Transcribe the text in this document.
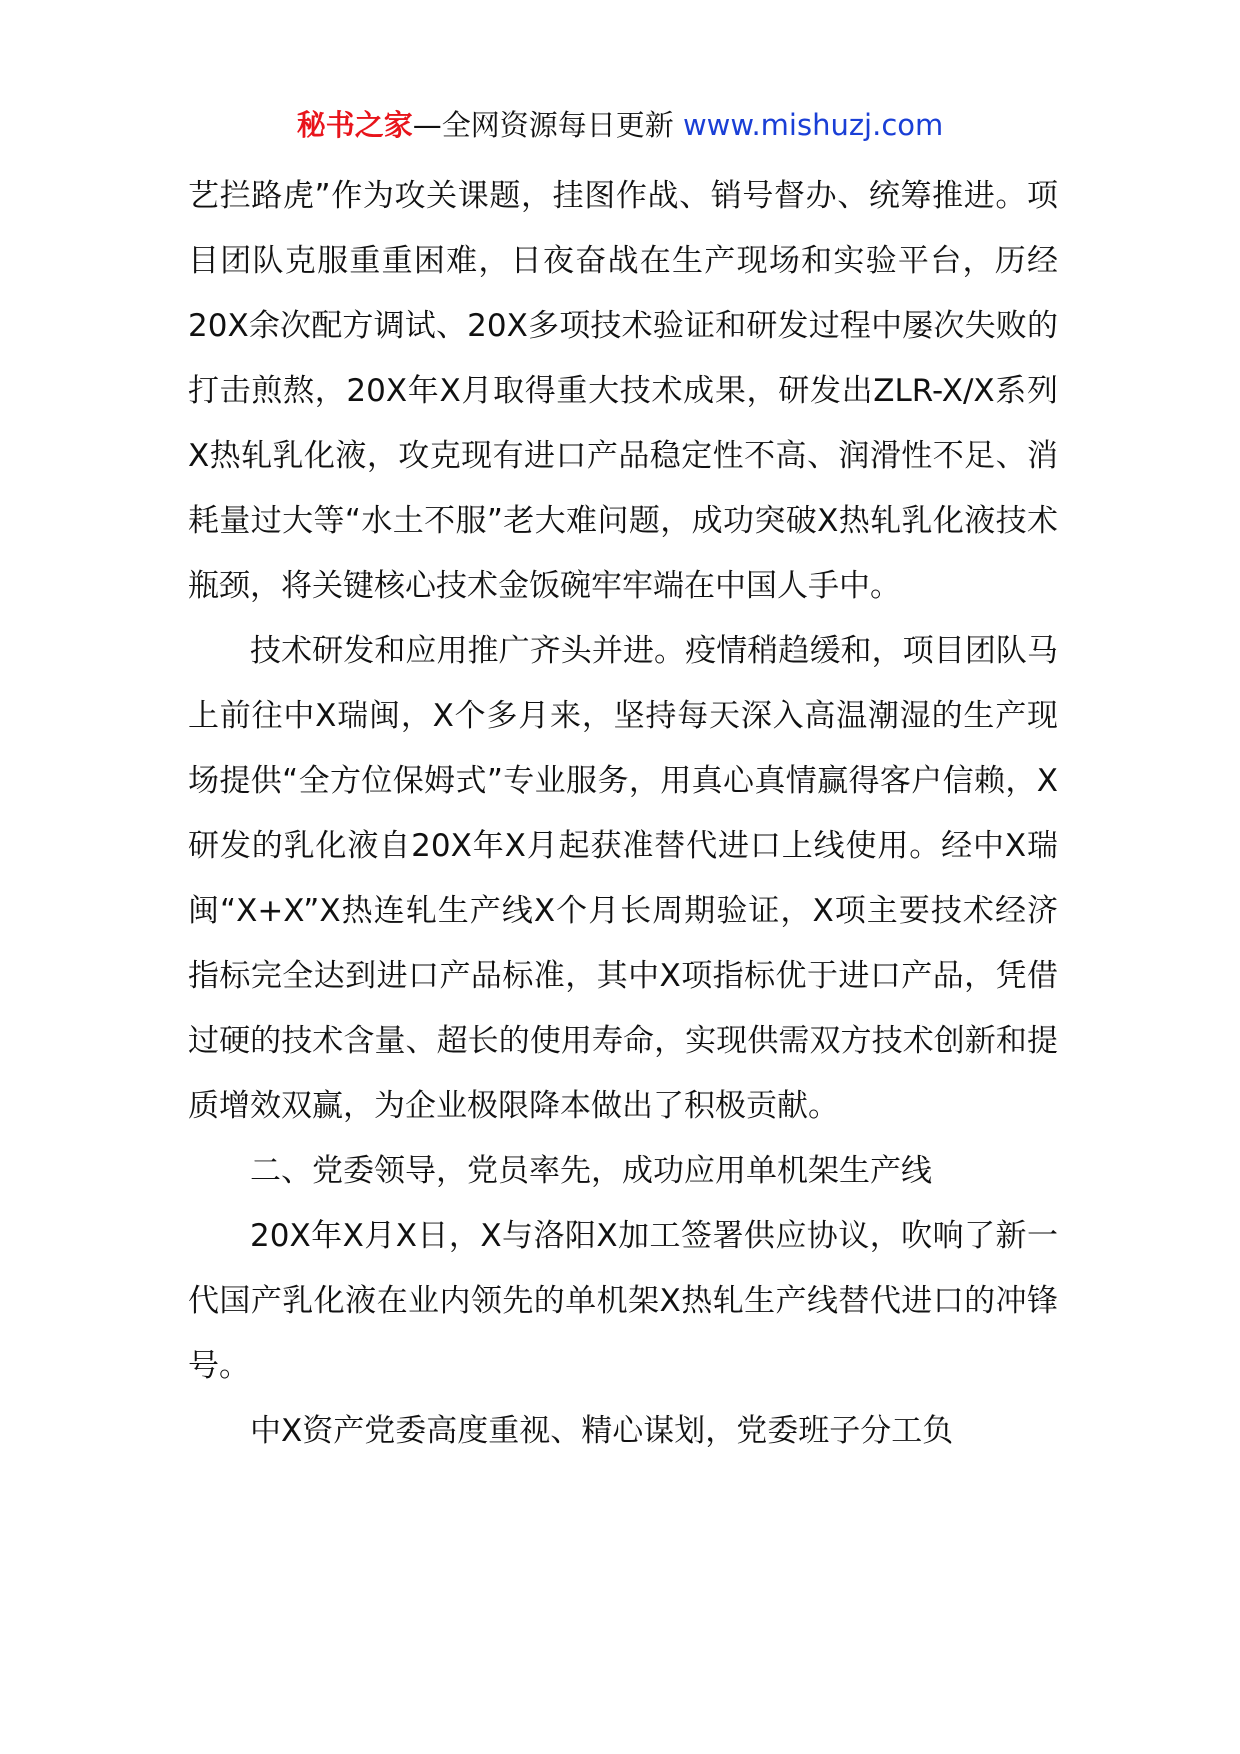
秘书之家—全网资源每日更新 www.mishuzj.com

艺拦路虎”作为攻关课题，挂图作战、销号督办、统筹推进。项目团队克服重重困难，日夜奋战在生产现场和实验平台，历经20X余次配方调试、20X多项技术验证和研发过程中屡次失败的打击煎熬，20X年X月取得重大技术成果，研发出ZLR-X/X系列X热轧乳化液，攻克现有进口产品稳定性不高、润滑性不足、消耗量过大等“水土不服”老大难问题，成功突破X热轧乳化液技术瓶颈，将关键核心技术金饭碗牢牢端在中国人手中。

技术研发和应用推广齐头并进。疫情稍趋缓和，项目团队马上前往中X瑞闽，X个多月来，坚持每天深入高温潮湿的生产现场提供“全方位保姆式”专业服务，用真心真情赢得客户信赖，X研发的乳化液自20X年X月起获准替代进口上线使用。经中X瑞闽“X+X”X热连轧生产线X个月长周期验证，X项主要技术经济指标完全达到进口产品标准，其中X项指标优于进口产品，凭借过硬的技术含量、超长的使用寿命，实现供需双方技术创新和提质增效双赢，为企业极限降本做出了积极贡献。

二、党委领导，党员率先，成功应用单机架生产线

20X年X月X日，X与洛阳X加工签署供应协议，吹响了新一代国产乳化液在业内领先的单机架X热轧生产线替代进口的冲锋号。

中X资产党委高度重视、精心谋划，党委班子分工负
